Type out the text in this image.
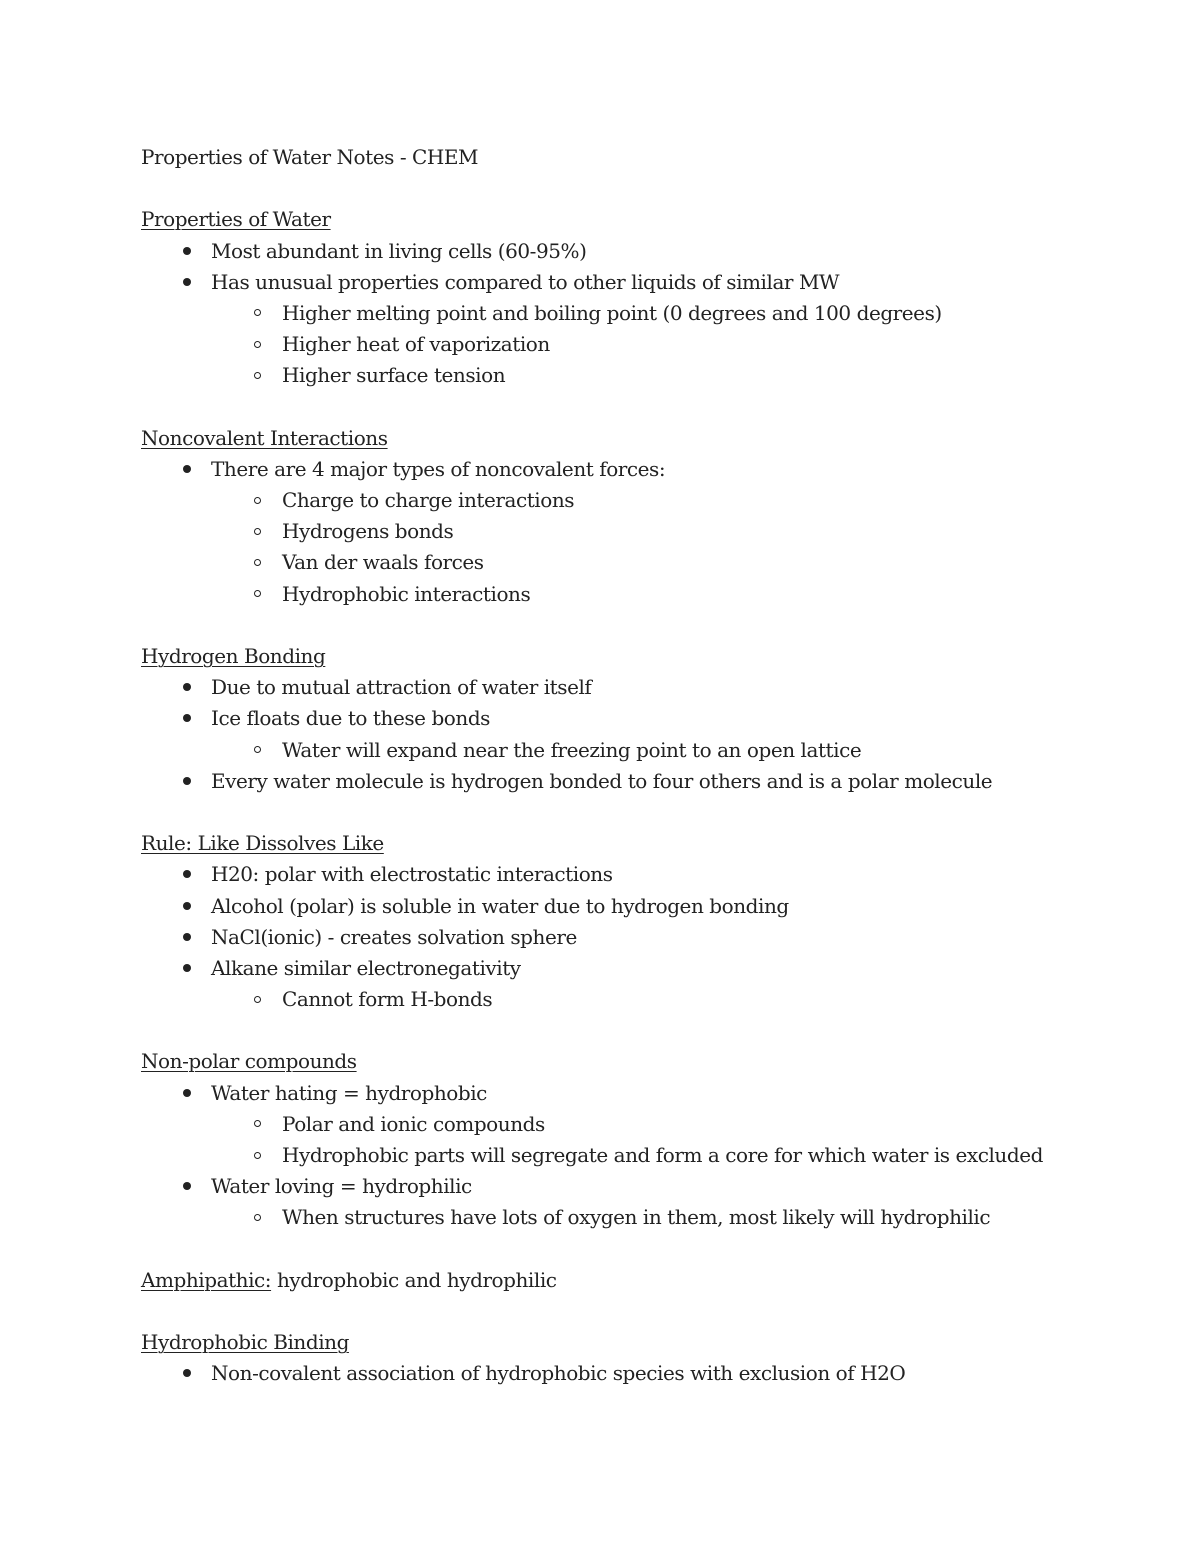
Properties of Water Notes - CHEM
Properties of Water
Most abundant in living cells (60-95%)
Has unusual properties compared to other liquids of similar MW
Higher melting point and boiling point (0 degrees and 100 degrees)
Higher heat of vaporization
Higher surface tension
Noncovalent Interactions
There are 4 major types of noncovalent forces:
Charge to charge interactions
Hydrogens bonds
Van der waals forces
Hydrophobic interactions
Hydrogen Bonding
Due to mutual attraction of water itself
Ice floats due to these bonds
Water will expand near the freezing point to an open lattice
Every water molecule is hydrogen bonded to four others and is a polar molecule
Rule: Like Dissolves Like
H20: polar with electrostatic interactions
Alcohol (polar) is soluble in water due to hydrogen bonding
NaCl(ionic) - creates solvation sphere
Alkane similar electronegativity
Cannot form H-bonds
Non-polar compounds
Water hating = hydrophobic
Polar and ionic compounds
Hydrophobic parts will segregate and form a core for which water is excluded
Water loving = hydrophilic
When structures have lots of oxygen in them, most likely will hydrophilic
Amphipathic: hydrophobic and hydrophilic
Hydrophobic Binding
Non-covalent association of hydrophobic species with exclusion of H2O
